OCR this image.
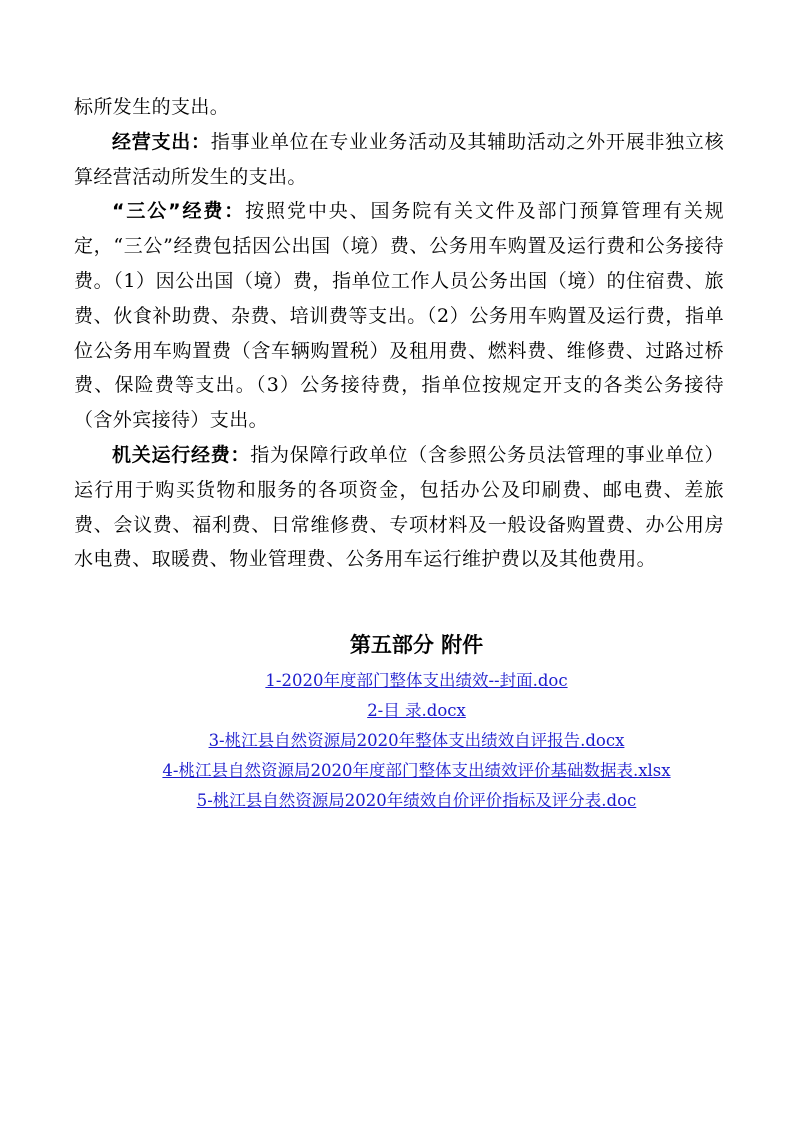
标所发生的支出。

经营支出：指事业单位在专业业务活动及其辅助活动之外开展非独立核算经营活动所发生的支出。

“三公”经费：按照党中央、国务院有关文件及部门预算管理有关规定，“三公”经费包括因公出国（境）费、公务用车购置及运行费和公务接待费。（1）因公出国（境）费，指单位工作人员公务出国（境）的住宿费、旅费、伙食补助费、杂费、培训费等支出。（2）公务用车购置及运行费，指单位公务用车购置费（含车辆购置税）及租用费、燃料费、维修费、过路过桥费、保险费等支出。（3）公务接待费，指单位按规定开支的各类公务接待（含外宾接待）支出。

机关运行经费：指为保障行政单位（含参照公务员法管理的事业单位）运行用于购买货物和服务的各项资金，包括办公及印刷费、邮电费、差旅费、会议费、福利费、日常维修费、专项材料及一般设备购置费、办公用房水电费、取暖费、物业管理费、公务用车运行维护费以及其他费用。

第五部分 附件
1-2020年度部门整体支出绩效--封面.doc
2-目 录.docx
3-桃江县自然资源局2020年整体支出绩效自评报告.docx
4-桃江县自然资源局2020年度部门整体支出绩效评价基础数据表.xlsx
5-桃江县自然资源局2020年绩效自价评价指标及评分表.doc
